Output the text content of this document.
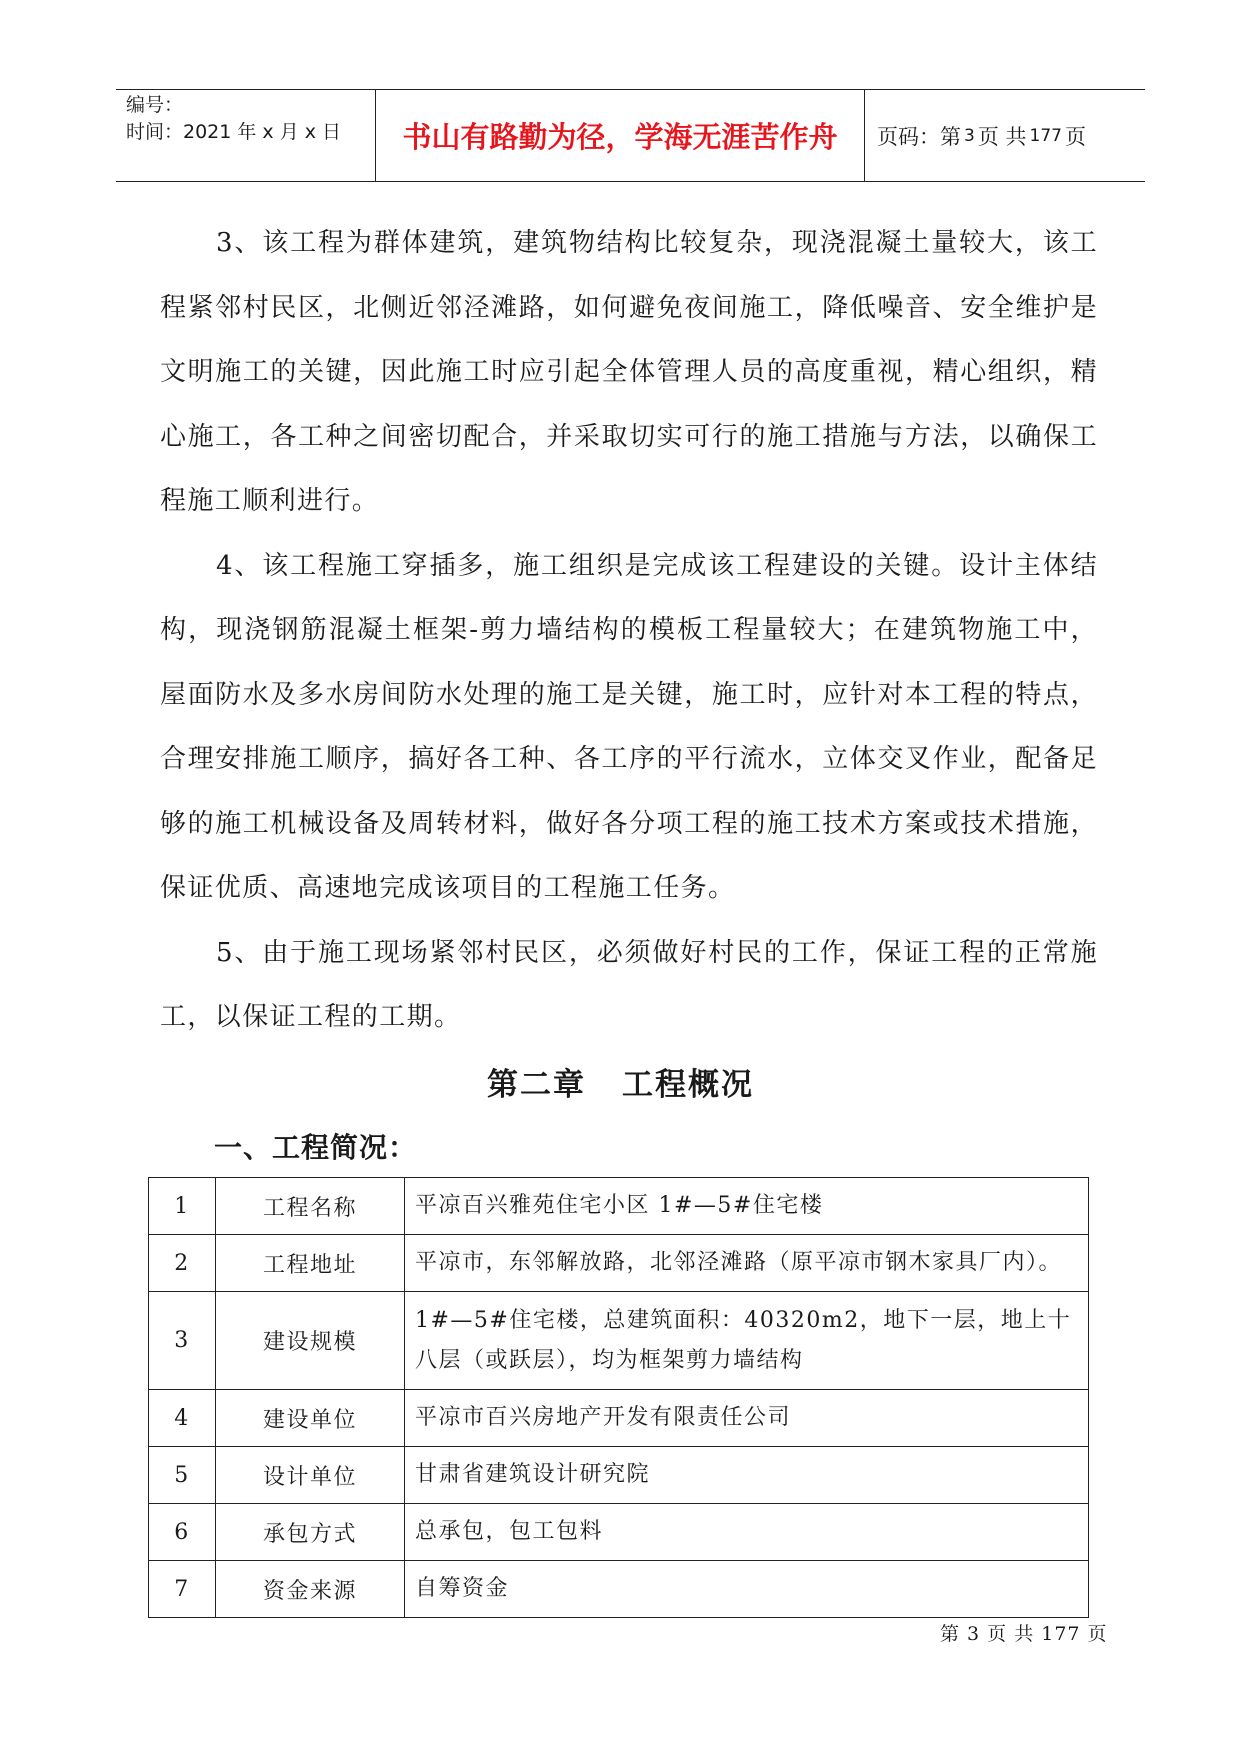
编号：
时间：2021 年 x 月 x 日	书山有路勤为径，学海无涯苦作舟	页码：第 3 页 共 177 页

3、该工程为群体建筑，建筑物结构比较复杂，现浇混凝土量较大，该工程紧邻村民区，北侧近邻泾滩路，如何避免夜间施工，降低噪音、安全维护是文明施工的关键，因此施工时应引起全体管理人员的高度重视，精心组织，精心施工，各工种之间密切配合，并采取切实可行的施工措施与方法，以确保工程施工顺利进行。

4、该工程施工穿插多，施工组织是完成该工程建设的关键。设计主体结构，现浇钢筋混凝土框架-剪力墙结构的模板工程量较大；在建筑物施工中，屋面防水及多水房间防水处理的施工是关键，施工时，应针对本工程的特点，合理安排施工顺序，搞好各工种、各工序的平行流水，立体交叉作业，配备足够的施工机械设备及周转材料，做好各分项工程的施工技术方案或技术措施，保证优质、高速地完成该项目的工程施工任务。

5、由于施工现场紧邻村民区，必须做好村民的工作，保证工程的正常施工，以保证工程的工期。

第二章 工程概况
一、工程简况：
1	工程名称	平凉百兴雅苑住宅小区 1#—5#住宅楼
2	工程地址	平凉市，东邻解放路，北邻泾滩路（原平凉市钢木家具厂内）。
3	建设规模	1#—5#住宅楼，总建筑面积：40320m2，地下一层，地上十八层（或跃层），均为框架剪力墙结构
4	建设单位	平凉市百兴房地产开发有限责任公司
5	设计单位	甘肃省建筑设计研究院
6	承包方式	总承包，包工包料
7	资金来源	自筹资金
第 3 页 共 177 页
